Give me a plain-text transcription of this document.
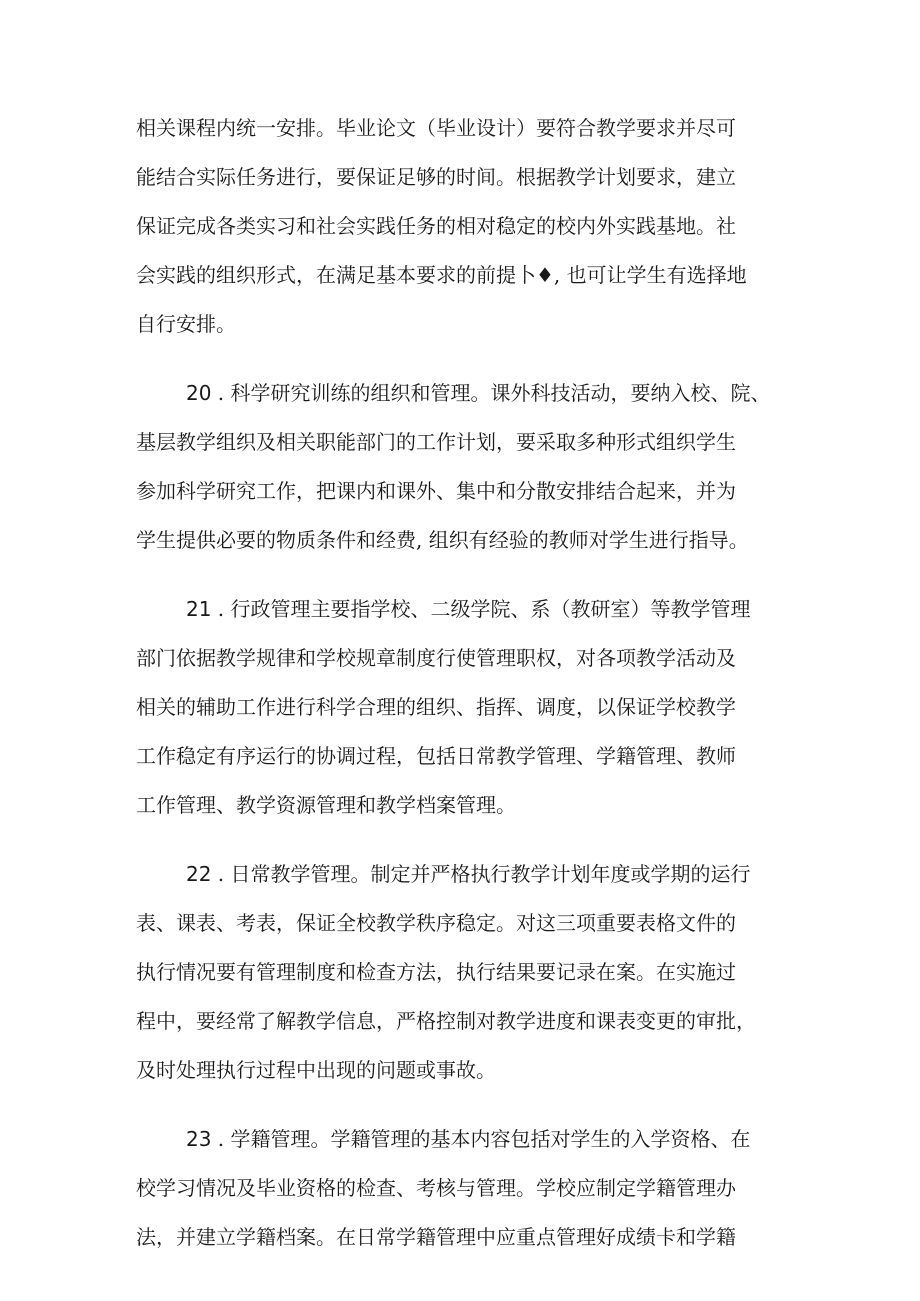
相关课程内统一安排。毕业论文（毕业设计）要符合教学要求并尽可
能结合实际任务进行，要保证足够的时间。根据教学计划要求，建立
保证完成各类实习和社会实践任务的相对稳定的校内外实践基地。社
会实践的组织形式，在满足基本要求的前提卜♦, 也可让学生有选择地
自行安排。
20 . 科学研究训练的组织和管理。课外科技活动，要纳入校、院、
基层教学组织及相关职能部门的工作计划，要采取多种形式组织学生
参加科学研究工作，把课内和课外、集中和分散安排结合起来，并为
学生提供必要的物质条件和经费, 组织有经验的教师对学生进行指导。
21 . 行政管理主要指学校、二级学院、系（教研室）等教学管理
部门依据教学规律和学校规章制度行使管理职权，对各项教学活动及
相关的辅助工作进行科学合理的组织、指挥、调度，以保证学校教学
工作稳定有序运行的协调过程，包括日常教学管理、学籍管理、教师
工作管理、教学资源管理和教学档案管理。
22 . 日常教学管理。制定并严格执行教学计划年度或学期的运行
表、课表、考表，保证全校教学秩序稳定。对这三项重要表格文件的
执行情况要有管理制度和检查方法，执行结果要记录在案。在实施过
程中，要经常了解教学信息，严格控制对教学进度和课表变更的审批，
及时处理执行过程中出现的问题或事故。
23 . 学籍管理。学籍管理的基本内容包括对学生的入学资格、在
校学习情况及毕业资格的检查、考核与管理。学校应制定学籍管理办
法，并建立学籍档案。在日常学籍管理中应重点管理好成绩卡和学籍
